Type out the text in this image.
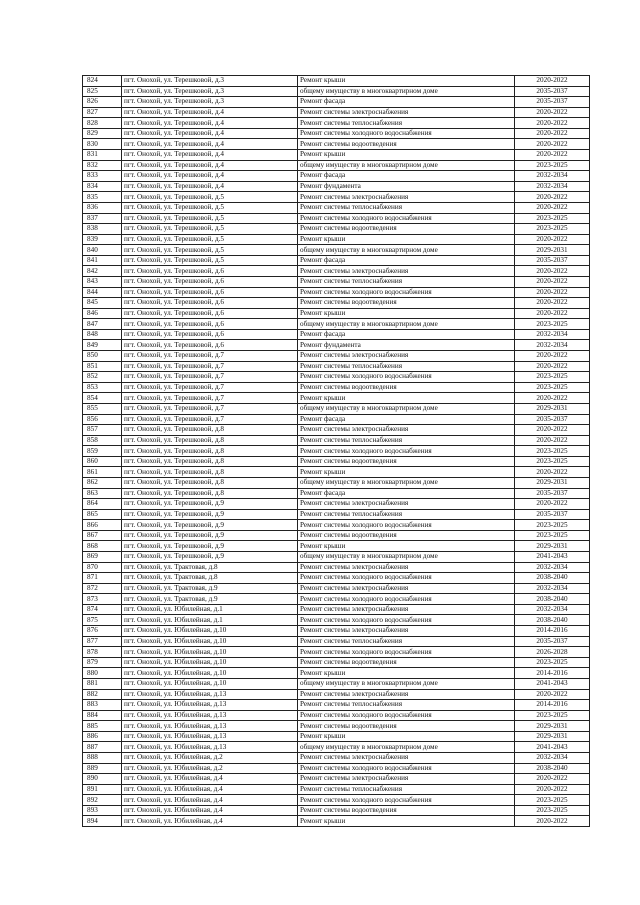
824	пгт. Онохой, ул. Терешковой, д.3	Ремонт крыши	2020-2022
825	пгт. Онохой, ул. Терешковой, д.3	общему имуществу в многоквартирном доме	2035-2037
826	пгт. Онохой, ул. Терешковой, д.3	Ремонт фасада	2035-2037
827	пгт. Онохой, ул. Терешковой, д.4	Ремонт системы электроснабжения	2020-2022
828	пгт. Онохой, ул. Терешковой, д.4	Ремонт системы теплоснабжения	2020-2022
829	пгт. Онохой, ул. Терешковой, д.4	Ремонт системы холодного водоснабжения	2020-2022
830	пгт. Онохой, ул. Терешковой, д.4	Ремонт системы водоотведения	2020-2022
831	пгт. Онохой, ул. Терешковой, д.4	Ремонт крыши	2020-2022
832	пгт. Онохой, ул. Терешковой, д.4	общему имуществу в многоквартирном доме	2023-2025
833	пгт. Онохой, ул. Терешковой, д.4	Ремонт фасада	2032-2034
834	пгт. Онохой, ул. Терешковой, д.4	Ремонт фундамента	2032-2034
835	пгт. Онохой, ул. Терешковой, д.5	Ремонт системы электроснабжения	2020-2022
836	пгт. Онохой, ул. Терешковой, д.5	Ремонт системы теплоснабжения	2020-2022
837	пгт. Онохой, ул. Терешковой, д.5	Ремонт системы холодного водоснабжения	2023-2025
838	пгт. Онохой, ул. Терешковой, д.5	Ремонт системы водоотведения	2023-2025
839	пгт. Онохой, ул. Терешковой, д.5	Ремонт крыши	2020-2022
840	пгт. Онохой, ул. Терешковой, д.5	общему имуществу в многоквартирном доме	2029-2031
841	пгт. Онохой, ул. Терешковой, д.5	Ремонт фасада	2035-2037
842	пгт. Онохой, ул. Терешковой, д.6	Ремонт системы электроснабжения	2020-2022
843	пгт. Онохой, ул. Терешковой, д.6	Ремонт системы теплоснабжения	2020-2022
844	пгт. Онохой, ул. Терешковой, д.6	Ремонт системы холодного водоснабжения	2020-2022
845	пгт. Онохой, ул. Терешковой, д.6	Ремонт системы водоотведения	2020-2022
846	пгт. Онохой, ул. Терешковой, д.6	Ремонт крыши	2020-2022
847	пгт. Онохой, ул. Терешковой, д.6	общему имуществу в многоквартирном доме	2023-2025
848	пгт. Онохой, ул. Терешковой, д.6	Ремонт фасада	2032-2034
849	пгт. Онохой, ул. Терешковой, д.6	Ремонт фундамента	2032-2034
850	пгт. Онохой, ул. Терешковой, д.7	Ремонт системы электроснабжения	2020-2022
851	пгт. Онохой, ул. Терешковой, д.7	Ремонт системы теплоснабжения	2020-2022
852	пгт. Онохой, ул. Терешковой, д.7	Ремонт системы холодного водоснабжения	2023-2025
853	пгт. Онохой, ул. Терешковой, д.7	Ремонт системы водоотведения	2023-2025
854	пгт. Онохой, ул. Терешковой, д.7	Ремонт крыши	2020-2022
855	пгт. Онохой, ул. Терешковой, д.7	общему имуществу в многоквартирном доме	2029-2031
856	пгт. Онохой, ул. Терешковой, д.7	Ремонт фасада	2035-2037
857	пгт. Онохой, ул. Терешковой, д.8	Ремонт системы электроснабжения	2020-2022
858	пгт. Онохой, ул. Терешковой, д.8	Ремонт системы теплоснабжения	2020-2022
859	пгт. Онохой, ул. Терешковой, д.8	Ремонт системы холодного водоснабжения	2023-2025
860	пгт. Онохой, ул. Терешковой, д.8	Ремонт системы водоотведения	2023-2025
861	пгт. Онохой, ул. Терешковой, д.8	Ремонт крыши	2020-2022
862	пгт. Онохой, ул. Терешковой, д.8	общему имуществу в многоквартирном доме	2029-2031
863	пгт. Онохой, ул. Терешковой, д.8	Ремонт фасада	2035-2037
864	пгт. Онохой, ул. Терешковой, д.9	Ремонт системы электроснабжения	2020-2022
865	пгт. Онохой, ул. Терешковой, д.9	Ремонт системы теплоснабжения	2035-2037
866	пгт. Онохой, ул. Терешковой, д.9	Ремонт системы холодного водоснабжения	2023-2025
867	пгт. Онохой, ул. Терешковой, д.9	Ремонт системы водоотведения	2023-2025
868	пгт. Онохой, ул. Терешковой, д.9	Ремонт крыши	2029-2031
869	пгт. Онохой, ул. Терешковой, д.9	общему имуществу в многоквартирном доме	2041-2043
870	пгт. Онохой, ул. Трактовая, д.8	Ремонт системы электроснабжения	2032-2034
871	пгт. Онохой, ул. Трактовая, д.8	Ремонт системы холодного водоснабжения	2038-2040
872	пгт. Онохой, ул. Трактовая, д.9	Ремонт системы электроснабжения	2032-2034
873	пгт. Онохой, ул. Трактовая, д.9	Ремонт системы холодного водоснабжения	2038-2040
874	пгт. Онохой, ул. Юбилейная, д.1	Ремонт системы электроснабжения	2032-2034
875	пгт. Онохой, ул. Юбилейная, д.1	Ремонт системы холодного водоснабжения	2038-2040
876	пгт. Онохой, ул. Юбилейная, д.10	Ремонт системы электроснабжения	2014-2016
877	пгт. Онохой, ул. Юбилейная, д.10	Ремонт системы теплоснабжения	2035-2037
878	пгт. Онохой, ул. Юбилейная, д.10	Ремонт системы холодного водоснабжения	2026-2028
879	пгт. Онохой, ул. Юбилейная, д.10	Ремонт системы водоотведения	2023-2025
880	пгт. Онохой, ул. Юбилейная, д.10	Ремонт крыши	2014-2016
881	пгт. Онохой, ул. Юбилейная, д.10	общему имуществу в многоквартирном доме	2041-2043
882	пгт. Онохой, ул. Юбилейная, д.13	Ремонт системы электроснабжения	2020-2022
883	пгт. Онохой, ул. Юбилейная, д.13	Ремонт системы теплоснабжения	2014-2016
884	пгт. Онохой, ул. Юбилейная, д.13	Ремонт системы холодного водоснабжения	2023-2025
885	пгт. Онохой, ул. Юбилейная, д.13	Ремонт системы водоотведения	2029-2031
886	пгт. Онохой, ул. Юбилейная, д.13	Ремонт крыши	2029-2031
887	пгт. Онохой, ул. Юбилейная, д.13	общему имуществу в многоквартирном доме	2041-2043
888	пгт. Онохой, ул. Юбилейная, д.2	Ремонт системы электроснабжения	2032-2034
889	пгт. Онохой, ул. Юбилейная, д.2	Ремонт системы холодного водоснабжения	2038-2040
890	пгт. Онохой, ул. Юбилейная, д.4	Ремонт системы электроснабжения	2020-2022
891	пгт. Онохой, ул. Юбилейная, д.4	Ремонт системы теплоснабжения	2020-2022
892	пгт. Онохой, ул. Юбилейная, д.4	Ремонт системы холодного водоснабжения	2023-2025
893	пгт. Онохой, ул. Юбилейная, д.4	Ремонт системы водоотведения	2023-2025
894	пгт. Онохой, ул. Юбилейная, д.4	Ремонт крыши	2020-2022
